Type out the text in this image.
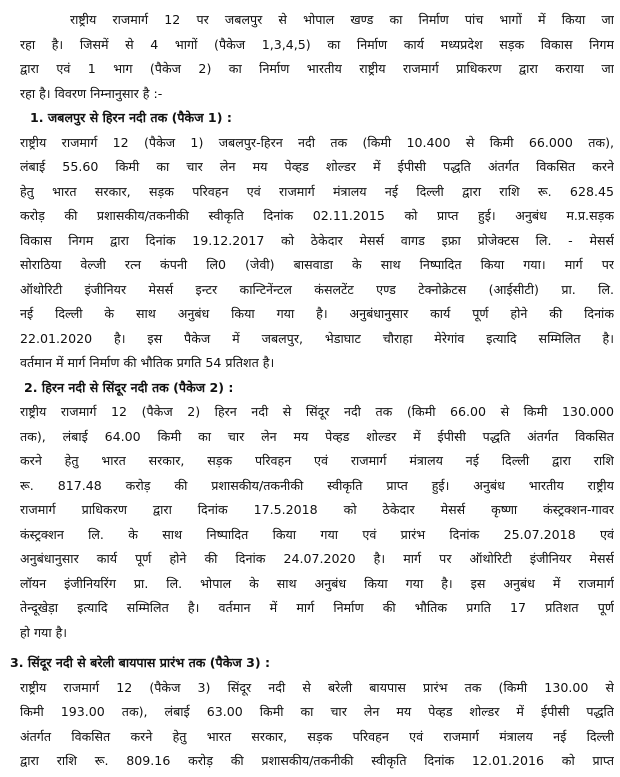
राष्ट्रीय राजमार्ग 12 पर जबलपुर से भोपाल खण्ड का निर्माण पांच भागों में किया जा
रहा है। जिसमें से 4 भागों (पैकेज 1,3,4,5) का निर्माण कार्य मध्यप्रदेश सड़क विकास निगम
द्वारा एवं 1 भाग (पैकेज 2) का निर्माण भारतीय राष्ट्रीय राजमार्ग प्राधिकरण द्वारा कराया जा
रहा है। विवरण निम्नानुसार है :-
1. जबलपुर से हिरन नदी तक (पैकेज 1) :
राष्ट्रीय राजमार्ग 12 (पैकेज 1) जबलपुर-हिरन नदी तक (किमी 10.400 से किमी 66.000 तक),
लंबाई 55.60 किमी का चार लेन मय पेव्हड शोल्डर में ईपीसी पद्धति अंतर्गत विकसित करने
हेतु भारत सरकार, सड़क परिवहन एवं राजमार्ग मंत्रालय नई दिल्ली द्वारा राशि रू. 628.45
करोड़ की प्रशासकीय/तकनीकी स्वीकृति दिनांक 02.11.2015 को प्राप्त हुई। अनुबंध म.प्र.सड़क
विकास निगम द्वारा दिनांक 19.12.2017 को ठेकेदार मेसर्स वागड इफ्रा प्रोजेक्टस लि. - मेसर्स
सोराठिया वेल्जी रत्न कंपनी लि0 (जेवी) बासवाडा के साथ निष्पादित किया गया। मार्ग पर
ऑथोरिटी इंजीनियर मेसर्स इन्टर कान्टिनेंन्टल कंसलटेंट एण्ड टेक्नोक्रेटस (आईसीटी) प्रा. लि.
नई दिल्ली के साथ अनुबंध किया गया है। अनुबंधानुसार कार्य पूर्ण होने की दिनांक
22.01.2020 है। इस पैकेज में जबलपुर, भेडाघाट चौराहा मेरेगांव इत्यादि सम्मिलित है।
वर्तमान में मार्ग निर्माण की भौतिक प्रगति 54 प्रतिशत है।
2. हिरन नदी से सिंदूर नदी तक (पैकेज 2) :
राष्ट्रीय राजमार्ग 12 (पैकेज 2) हिरन नदी से सिंदूर नदी तक (किमी 66.00 से किमी 130.000
तक), लंबाई 64.00 किमी का चार लेन मय पेव्हड शोल्डर में ईपीसी पद्धति अंतर्गत विकसित
करने हेतु भारत सरकार, सड़क परिवहन एवं राजमार्ग मंत्रालय नई दिल्ली द्वारा राशि
रू. 817.48 करोड़ की प्रशासकीय/तकनीकी स्वीकृति प्राप्त हुई। अनुबंध भारतीय राष्ट्रीय
राजमार्ग प्राधिकरण द्वारा दिनांक 17.5.2018 को ठेकेदार मेसर्स कृष्णा कंस्ट्रक्शन-गावर
कंस्ट्रक्शन लि. के साथ निष्पादित किया गया एवं प्रारंभ दिनांक 25.07.2018 एवं
अनुबंधानुसार कार्य पूर्ण होने की दिनांक 24.07.2020 है। मार्ग पर ऑथोरिटी इंजीनियर मेसर्स
लॉयन इंजीनियरिंग प्रा. लि. भोपाल के साथ अनुबंध किया गया है। इस अनुबंध में राजमार्ग
तेन्दूखेड़ा इत्यादि सम्मिलित है। वर्तमान में मार्ग निर्माण की भौतिक प्रगति 17 प्रतिशत पूर्ण
हो गया है।
3. सिंदूर नदी से बरेली बायपास प्रारंभ तक (पैकेज 3) :
राष्ट्रीय राजमार्ग 12 (पैकेज 3) सिंदूर नदी से बरेली बायपास प्रारंभ तक (किमी 130.00 से
किमी 193.00 तक), लंबाई 63.00 किमी का चार लेन मय पेव्हड शोल्डर में ईपीसी पद्धति
अंतर्गत विकसित करने हेतु भारत सरकार, सड़क परिवहन एवं राजमार्ग मंत्रालय नई दिल्ली
द्वारा राशि रू. 809.16 करोड़ की प्रशासकीय/तकनीकी स्वीकृति दिनांक 12.01.2016 को प्राप्त
